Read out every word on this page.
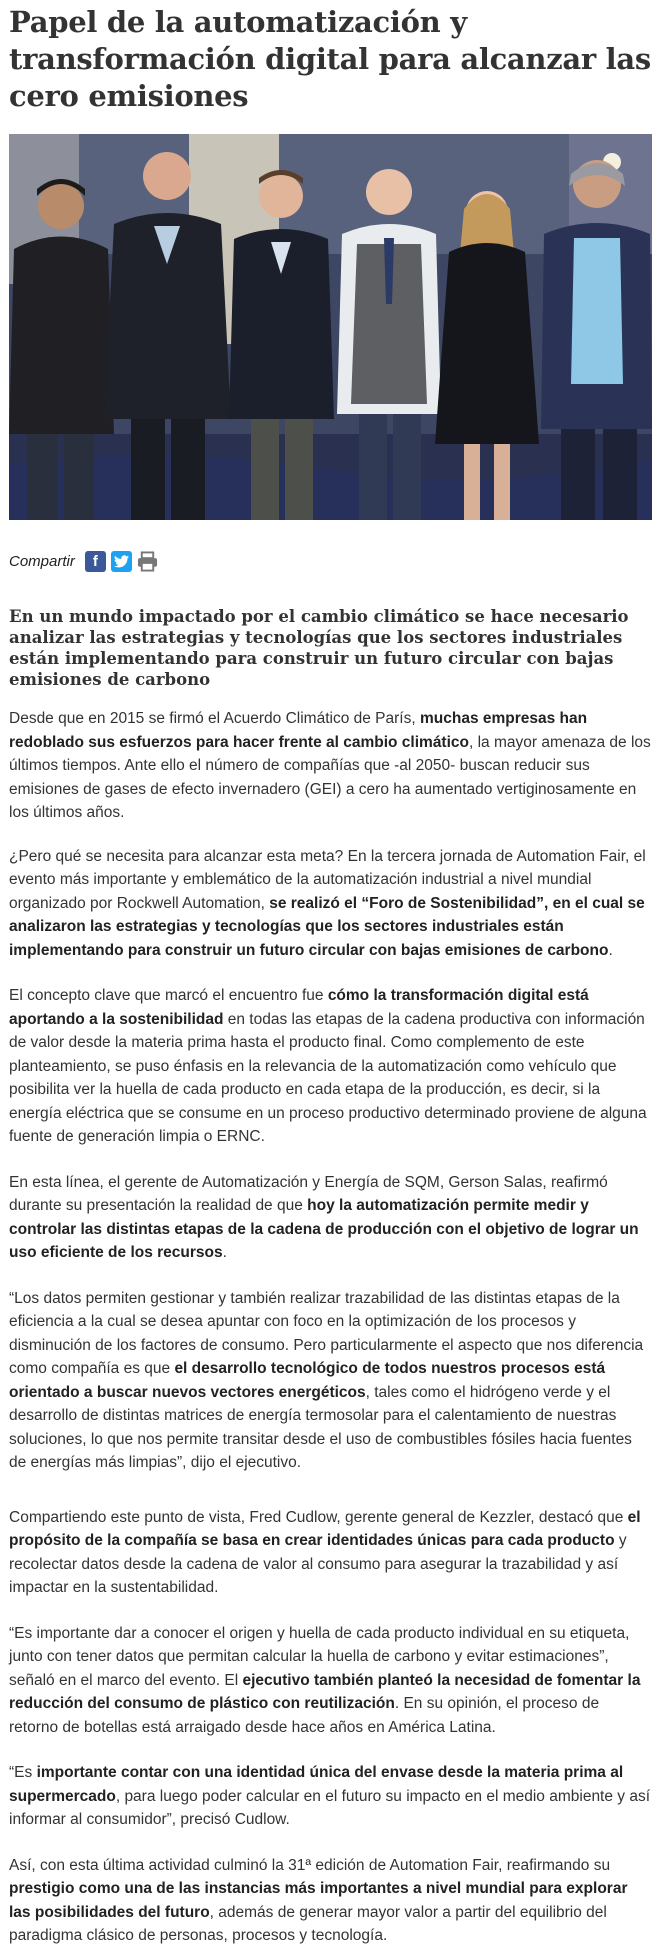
Papel de la automatización y transformación digital para alcanzar las cero emisiones
Compartir	f
En un mundo impactado por el cambio climático se hace necesario analizar las estrategias y tecnologías que los sectores industriales están implementando para construir un futuro circular con bajas emisiones de carbono

Desde que en 2015 se firmó el Acuerdo Climático de París, muchas empresas han redoblado sus esfuerzos para hacer frente al cambio climático, la mayor amenaza de los últimos tiempos. Ante ello el número de compañías que -al 2050- buscan reducir sus emisiones de gases de efecto invernadero (GEI) a cero ha aumentado vertiginosamente en los últimos años.

¿Pero qué se necesita para alcanzar esta meta? En la tercera jornada de Automation Fair, el evento más importante y emblemático de la automatización industrial a nivel mundial organizado por Rockwell Automation, se realizó el “Foro de Sostenibilidad”, en el cual se analizaron las estrategias y tecnologías que los sectores industriales están implementando para construir un futuro circular con bajas emisiones de carbono.

El concepto clave que marcó el encuentro fue cómo la transformación digital está aportando a la sostenibilidad en todas las etapas de la cadena productiva con información de valor desde la materia prima hasta el producto final. Como complemento de este planteamiento, se puso énfasis en la relevancia de la automatización como vehículo que posibilita ver la huella de cada producto en cada etapa de la producción, es decir, si la energía eléctrica que se consume en un proceso productivo determinado proviene de alguna fuente de generación limpia o ERNC.

En esta línea, el gerente de Automatización y Energía de SQM, Gerson Salas, reafirmó durante su presentación la realidad de que hoy la automatización permite medir y controlar las distintas etapas de la cadena de producción con el objetivo de lograr un uso eficiente de los recursos.

“Los datos permiten gestionar y también realizar trazabilidad de las distintas etapas de la eficiencia a la cual se desea apuntar con foco en la optimización de los procesos y disminución de los factores de consumo. Pero particularmente el aspecto que nos diferencia como compañía es que el desarrollo tecnológico de todos nuestros procesos está orientado a buscar nuevos vectores energéticos, tales como el hidrógeno verde y el desarrollo de distintas matrices de energía termosolar para el calentamiento de nuestras soluciones, lo que nos permite transitar desde el uso de combustibles fósiles hacia fuentes de energías más limpias”, dijo el ejecutivo.

Compartiendo este punto de vista, Fred Cudlow, gerente general de Kezzler, destacó que el propósito de la compañía se basa en crear identidades únicas para cada producto y recolectar datos desde la cadena de valor al consumo para asegurar la trazabilidad y así impactar en la sustentabilidad.

“Es importante dar a conocer el origen y huella de cada producto individual en su etiqueta, junto con tener datos que permitan calcular la huella de carbono y evitar estimaciones”, señaló en el marco del evento. El ejecutivo también planteó la necesidad de fomentar la reducción del consumo de plástico con reutilización. En su opinión, el proceso de retorno de botellas está arraigado desde hace años en América Latina.

“Es importante contar con una identidad única del envase desde la materia prima al supermercado, para luego poder calcular en el futuro su impacto en el medio ambiente y así informar al consumidor”, precisó Cudlow.

Así, con esta última actividad culminó la 31ª edición de Automation Fair, reafirmando su prestigio como una de las instancias más importantes a nivel mundial para explorar las posibilidades del futuro, además de generar mayor valor a partir del equilibrio del paradigma clásico de personas, procesos y tecnología.
